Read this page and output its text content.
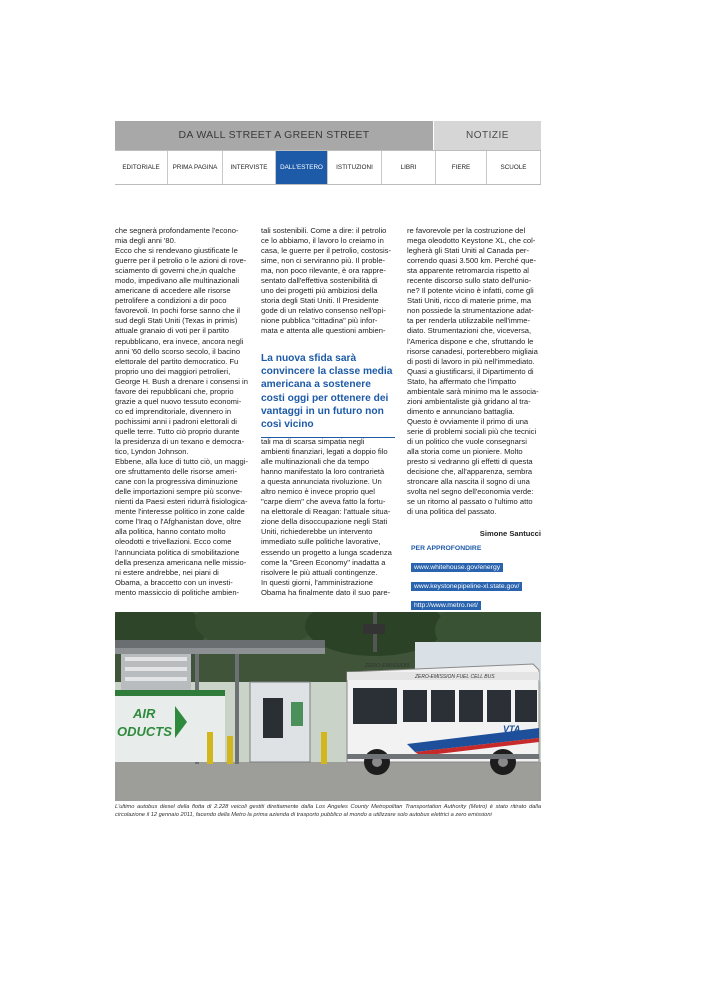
DA WALL STREET A GREEN STREET	NOTIZIE
EDITORIALE	PRIMA PAGINA	INTERVISTE	DALL'ESTERO	ISTITUZIONI	LIBRI	FIERE	SCUOLE

che segnerà profondamente l'econo-

mia degli anni '80.

Ecco che si rendevano giustificate le

guerre per il petrolio o le azioni di rove-

sciamento di governi che,in qualche

modo, impedivano alle multinazionali

americane di accedere alle risorse

petrolifere a condizioni a dir poco

favorevoli. In pochi forse sanno che il

sud degli Stati Uniti (Texas in primis)

attuale granaio di voti per il partito

repubblicano, era invece, ancora negli

anni '60 dello scorso secolo, il bacino

elettorale del partito democratico. Fu

proprio uno dei maggiori petrolieri,

George H. Bush a drenare i consensi in

favore dei repubblicani che, proprio

grazie a quel nuovo tessuto economi-

co ed imprenditoriale, divennero in

pochissimi anni i padroni elettorali di

quelle terre. Tutto ciò proprio durante

la presidenza di un texano e democra-

tico, Lyndon Johnson.

Ebbene, alla luce di tutto ciò, un maggi-

ore sfruttamento delle risorse ameri-

cane con la progressiva diminuzione

delle importazioni sempre più sconve-

nienti da Paesi esteri ridurrà fisiologica-

mente l'interesse politico in zone calde

come l'Iraq o l'Afghanistan dove, oltre

alla politica, hanno contato molto

oleodotti e trivellazioni. Ecco come

l'annunciata politica di smobilitazione

della presenza americana nelle missio-

ni estere andrebbe, nei piani di

Obama, a braccetto con un investi-

mento massiccio di politiche ambien-

tali sostenibili. Come a dire: il petrolio

ce lo abbiamo, il lavoro lo creiamo in

casa, le guerre per il petrolio, costosis-

sime, non ci serviranno più. Il proble-

ma, non poco rilevante, è ora rappre-

sentato dall'effettiva sostenibilità di

uno dei progetti più ambiziosi della

storia degli Stati Uniti. Il Presidente

gode di un relativo consenso nell'opi-

nione pubblica "cittadina" più infor-

mata e attenta alle questioni ambien-

La nuova sfida sarà convincere la classe media americana a sostenere costi oggi per ottenere dei vantaggi in un futuro non così vicino

tali ma di scarsa simpatia negli

ambienti finanziari, legati a doppio filo

alle multinazionali che da tempo

hanno manifestato la loro contrarietà

a questa annunciata rivoluzione. Un

altro nemico è invece proprio quel

"carpe diem" che aveva fatto la fortu-

na elettorale di Reagan: l'attuale situa-

zione della disoccupazione negli Stati

Uniti, richiederebbe un intervento

immediato sulle politiche lavorative,

essendo un progetto a lunga scadenza

come la "Green Economy" inadatta a

risolvere le più attuali contingenze.

In questi giorni, l'amministrazione

Obama ha finalmente dato il suo pare-

re favorevole per la costruzione del

mega oleodotto Keystone XL, che col-

legherà gli Stati Uniti al Canada per-

correndo quasi 3.500 km. Perché que-

sta apparente retromarcia rispetto al

recente discorso sullo stato dell'unio-

ne? Il potente vicino è infatti, come gli

Stati Uniti, ricco di materie prime, ma

non possiede la strumentazione adat-

ta per renderla utilizzabile nell'imme-

diato. Strumentazioni che, viceversa,

l'America dispone e che, sfruttando le

risorse canadesi, porterebbero migliaia

di posti di lavoro in più nell'immediato.

Quasi a giustificarsi, il Dipartimento di

Stato, ha affermato che l'impatto

ambientale sarà minimo ma le associa-

zioni ambientaliste già gridano al tra-

dimento e annunciano battaglia.

Questo è ovviamente il primo di una

serie di problemi sociali più che tecnici

di un politico che vuole consegnarsi

alla storia come un pioniere. Molto

presto si vedranno gli effetti di questa

decisione che, all'apparenza, sembra

stroncare alla nascita il sogno di una

svolta nel segno dell'economia verde:

se un ritorno al passato o l'ultimo atto

di una politica del passato.

Simone Santucci
PER APPROFONDIRE
www.whitehouse.gov/energy
www.keystonepipeline-xl.state.gov/
http://www.metro.net/
AIR
ODUCTS
ZERO-EMISSION
ZERO-EMISSION FUEL CELL BUS
VTA
L'ultimo autobus diesel della flotta di 2.228 veicoli gestiti direttamente dalla Los Angeles County Metropolitan Transportation Authority (Metro) è stato ritirato dalla circolazione il 12 gennaio 2011, facendo della Metro la prima azienda di trasporto pubblico al mondo a utilizzare solo autobus elettrici a zero emissioni
